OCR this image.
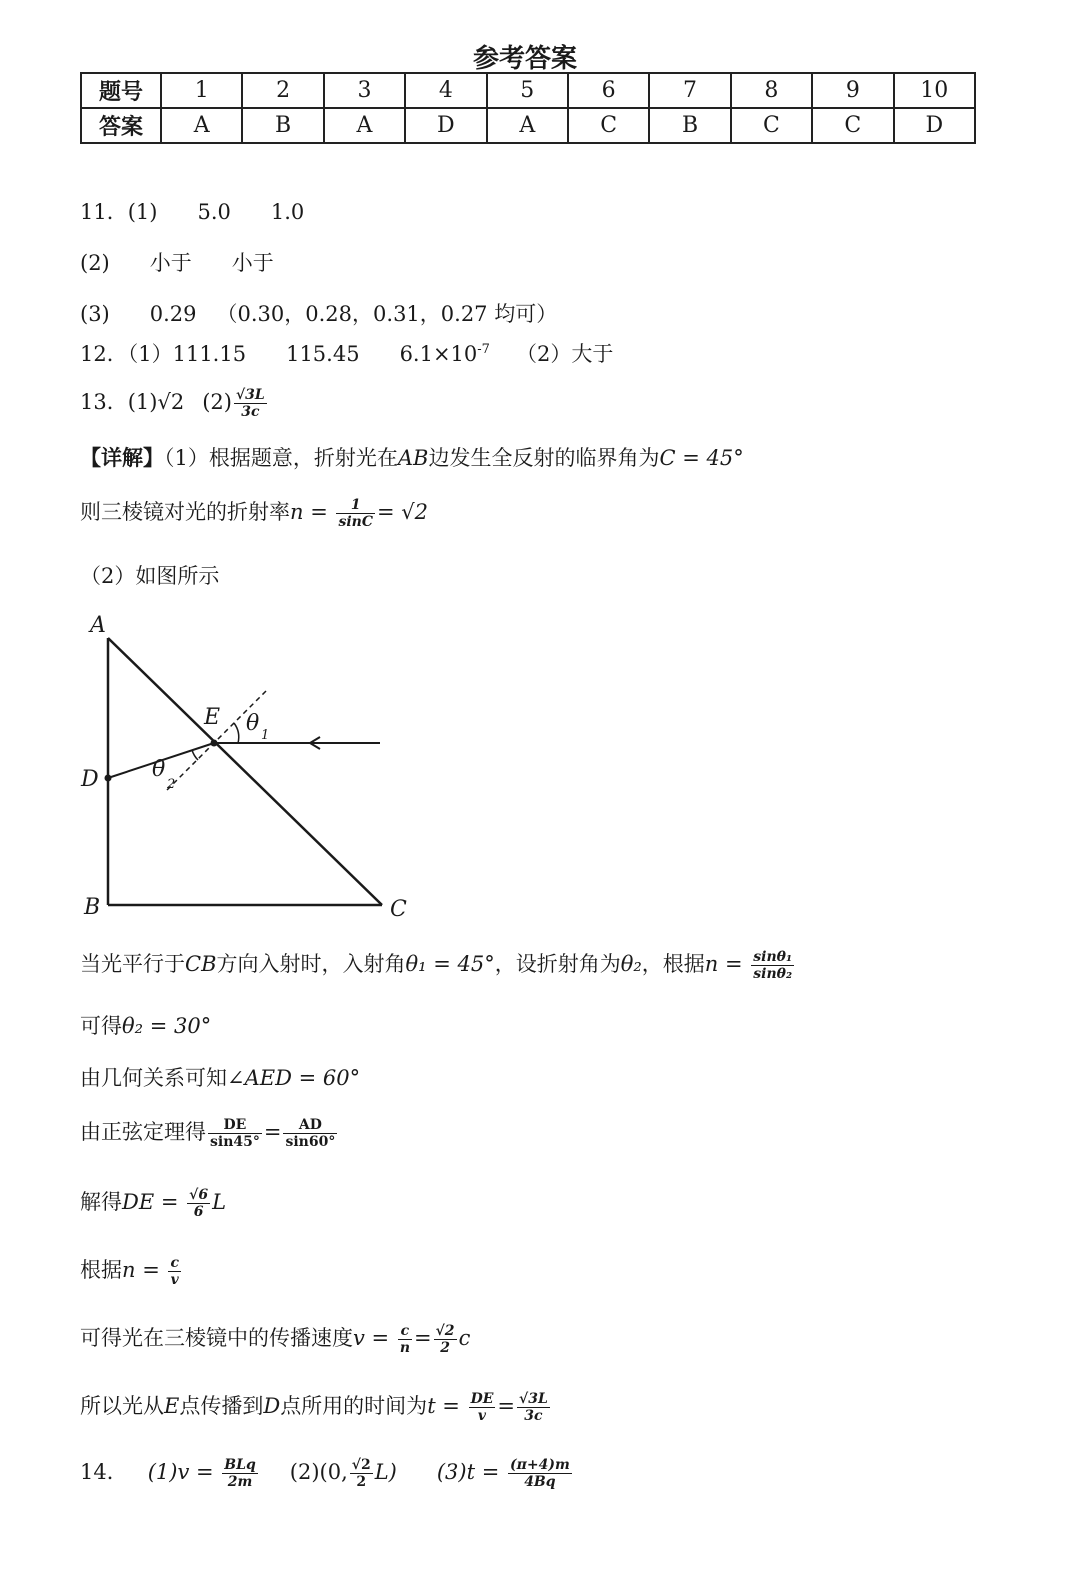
参考答案
题号	1	2	3	4	5	6	7	8	9	10
答案	A	B	A	D	A	C	B	C	C	D
11．(1) 5.0 1.0
(2) 小于 小于
(3) 0.29 （0.30，0.28，0.31，0.27 均可）
12．（1）111.15 115.45 $6.1\times 10^{-7}$ （2）大于
13．(1)√2 $(2) \frac{√3L}{3c}$
【详解】（1）根据题意，折射光在AB边发生全反射的临界角为C = 45°
则三棱镜对光的折射率$n = \frac{1}{\sin C} = √2$
（2）如图所示
A
B	C
D
E θ 1
θ
2
当光平行于CB方向入射时，入射角θ₁ = 45°，设折射角为θ₂，根据$n = \frac{\text{sinθ₁}}{\text{sinθ₂}}$
可得θ₂ = 30°
由几何关系可知∠AED = 60°
由正弦定理得 $\frac{DE}{\sin 45^\circ} = \frac{AD}{\sin 60^\circ}$
解得DE = $\frac{√6}{6}$ L
根据$n = \frac{c}{v}$
可得光在三棱镜中的传播速度$v = \frac{c}{n} = \frac{√2}{2}$ c
所以光从E点传播到D点所用的时间为$t = \frac{DE}{v} = \frac{√3L}{3c}$
14． $(1)v = \frac{\text{BLq}}{2m} (2)(0$, $\frac{√2}{2} L$) $(3)t = \frac{(\pi+4)m}{4Bq}$
